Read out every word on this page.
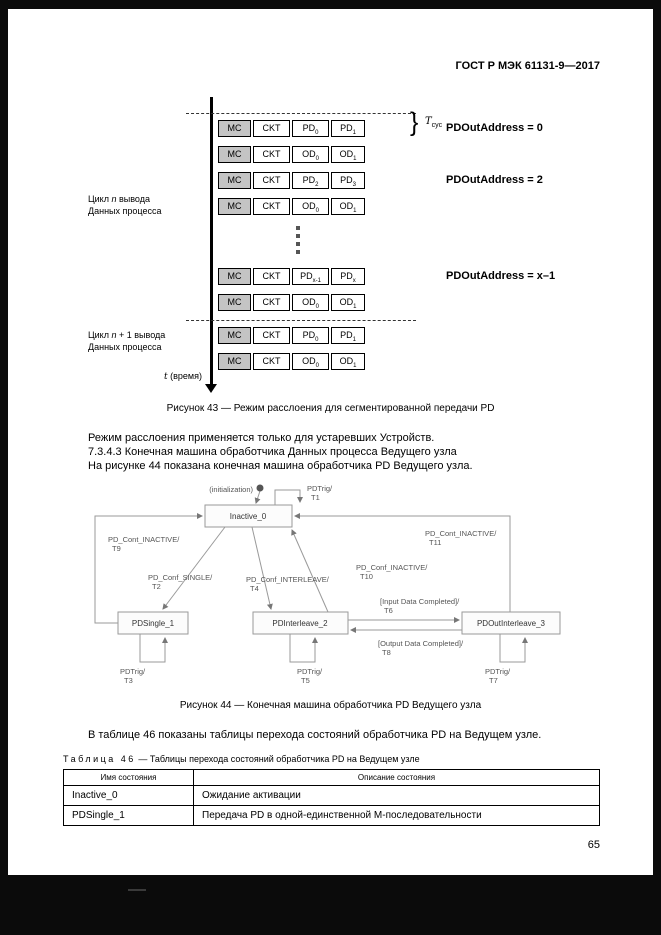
ГОСТ Р МЭК 61131-9—2017
} $T_{cyc}$
Цикл n вывода
Данных процесса
Цикл n + 1 вывода
Данных процесса
t (время)
MC	CKT	$PD_0$	$PD_1$	PDOutAddress = 0
MC	CKT	$OD_0$	$OD_1$
MC	CKT	$PD_2$	$PD_3$	PDOutAddress = 2
MC	CKT	$OD_0$	$OD_1$
MC	CKT	$PD_{x-1}$	$PD_x$	PDOutAddress = x–1
MC	CKT	$OD_0$	$OD_1$
MC	CKT	$PD_0$	$PD_1$
MC	CKT	$OD_0$	$OD_1$
Рисунок 43 — Режим расслоения для сегментированной передачи PD

Режим расслоения применяется только для устаревших Устройств.

7.3.4.3 Конечная машина обработчика Данных процесса Ведущего узла

На рисунке 44 показана конечная машина обработчика PD Ведущего узла.

Inactive_0
PDSingle_1	PDInterleave_2	PDOutInterleave_3
(initialization)	PDTrig/
T1
PD_Cont_INACTIVE/
T9
PD_Conf_SINGLE/
T2
PD_Conf_INTERLEAVE/
T4
PD_Conf_INACTIVE/
T10
PD_Cont_INACTIVE/
T11
[Input Data Completed]/
T6
[Output Data Completed]/
T8
PDTrig/
T3
PDTrig/
T5
PDTrig/
T7
Рисунок 44 — Конечная машина обработчика PD Ведущего узла
В таблице 46 показаны таблицы перехода состояний обработчика PD на Ведущем узле.
Таблица 46 — Таблицы перехода состояний обработчика PD на Ведущем узле
Имя состояния	Описание состояния
Inactive_0	Ожидание активации
PDSingle_1	Передача PD в одной-единственной М-последовательности
65
